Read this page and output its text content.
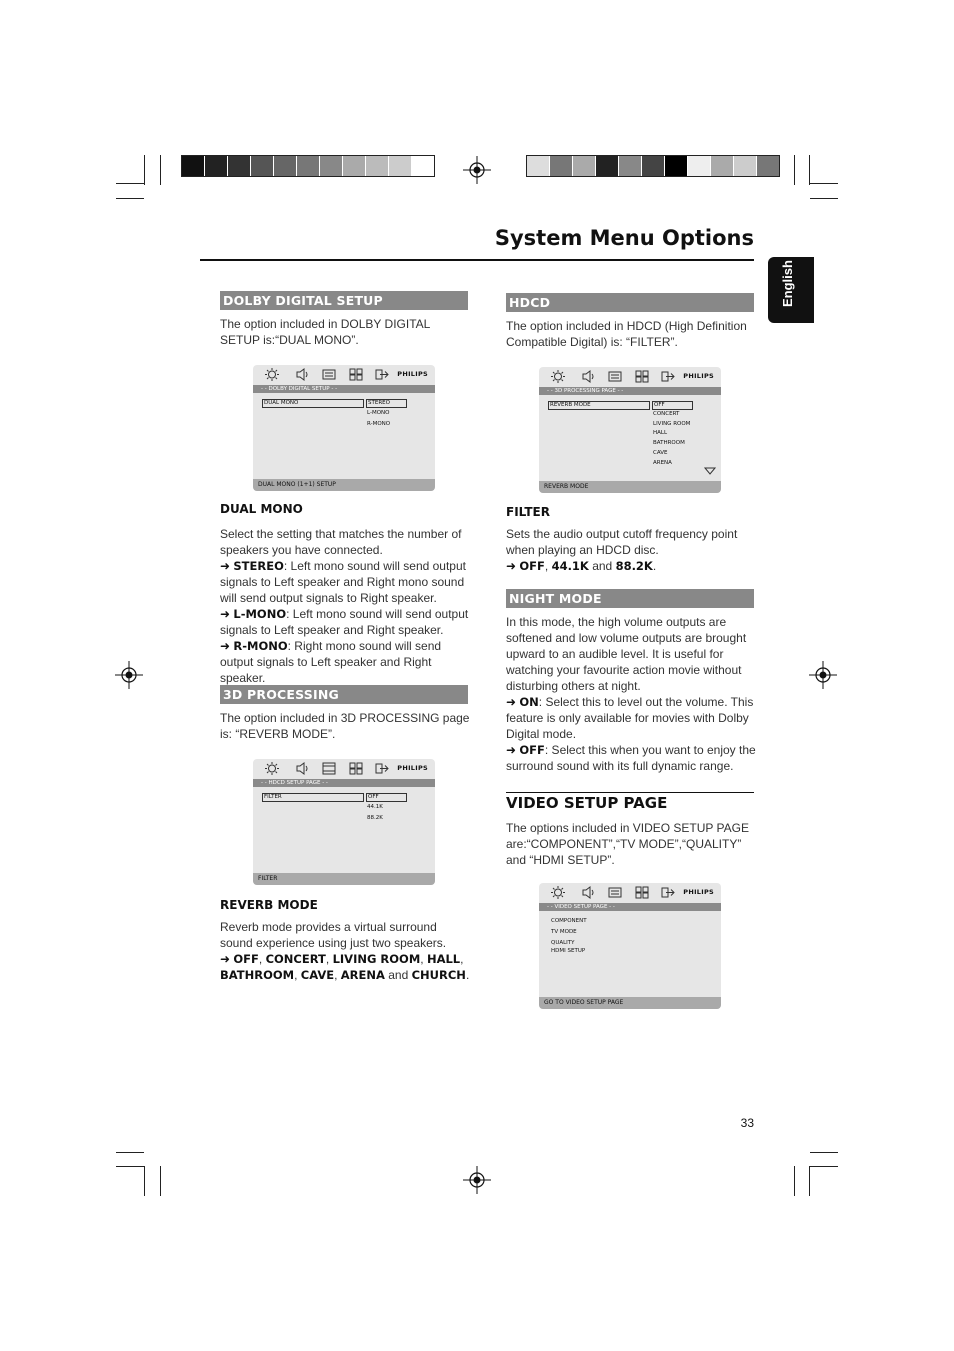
System Menu Options
English
DOLBY DIGITAL SETUP
The option included in DOLBY DIGITAL SETUP is:“DUAL MONO”.
PHILIPS
- - DOLBY DIGITAL SETUP - -
DUAL MONO	STEREO
L-MONO
R-MONO
DUAL MONO (1+1) SETUP
DUAL MONO
Select the setting that matches the number of speakers you have connected.
➜ STEREO: Left mono sound will send output signals to Left speaker and Right mono sound will send output signals to Right speaker.
➜ L-MONO: Left mono sound will send output signals to Left speaker and Right speaker.
➜ R-MONO: Right mono sound will send output signals to Left speaker and Right speaker.
3D PROCESSING
The option included in 3D PROCESSING page is: “REVERB MODE”.
PHILIPS
- - HDCD SETUP PAGE - -
FILTER	OFF
44.1K
88.2K
FILTER
REVERB MODE
Reverb mode provides a virtual surround sound experience using just two speakers.
➜ OFF, CONCERT, LIVING ROOM, HALL, BATHROOM, CAVE, ARENA and CHURCH.
HDCD
The option included in HDCD (High Definition Compatible Digital) is: “FILTER”.
PHILIPS
- - 3D PROCESSING PAGE - -
REVERB MODE	OFF
CONCERT
LIVING ROOM
HALL
BATHROOM
CAVE
ARENA
REVERB MODE
FILTER
Sets the audio output cutoff frequency point when playing an HDCD disc.
➜ OFF, 44.1K and 88.2K.
NIGHT MODE
In this mode, the high volume outputs are softened and low volume outputs are brought upward to an audible level. It is useful for watching your favourite action movie without disturbing others at night.
➜ ON: Select this to level out the volume. This feature is only available for movies with Dolby Digital mode.
➜ OFF: Select this when you want to enjoy the surround sound with its full dynamic range.
VIDEO SETUP PAGE
The options included in VIDEO SETUP PAGE are:“COMPONENT”,“TV MODE”,“QUALITY” and “HDMI SETUP”.
PHILIPS
- - VIDEO SETUP PAGE - -
COMPONENT
TV MODE
QUALITY
HDMI SETUP
GO TO VIDEO SETUP PAGE
33
